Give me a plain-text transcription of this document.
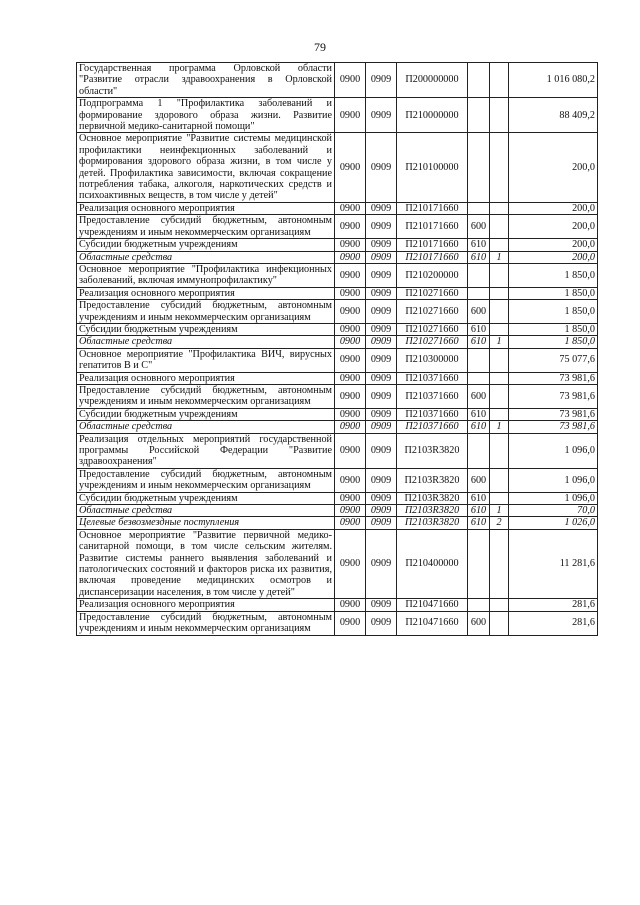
79
Государственная программа Орловской области "Развитие отрасли здравоохранения в Орловской области"	0900	0909	П200000000			1 016 080,2
Подпрограмма 1 "Профилактика заболеваний и формирование здорового образа жизни. Развитие первичной медико-санитарной помощи"	0900	0909	П210000000			88 409,2
Основное мероприятие "Развитие системы медицинской профилактики неинфекционных заболеваний и формирования здорового образа жизни, в том числе у детей. Профилактика зависимости, включая сокращение потребления табака, алкоголя, наркотических средств и психоактивных веществ, в том числе у детей"	0900	0909	П210100000			200,0
Реализация основного мероприятия	0900	0909	П210171660			200,0
Предоставление субсидий бюджетным, автономным учреждениям и иным некоммерческим организациям	0900	0909	П210171660	600		200,0
Субсидии бюджетным учреждениям	0900	0909	П210171660	610		200,0
Областные средства	0900	0909	П210171660	610	1	200,0
Основное мероприятие "Профилактика инфекционных заболеваний, включая иммунопрофилактику"	0900	0909	П210200000			1 850,0
Реализация основного мероприятия	0900	0909	П210271660			1 850,0
Предоставление субсидий бюджетным, автономным учреждениям и иным некоммерческим организациям	0900	0909	П210271660	600		1 850,0
Субсидии бюджетным учреждениям	0900	0909	П210271660	610		1 850,0
Областные средства	0900	0909	П210271660	610	1	1 850,0
Основное мероприятие "Профилактика ВИЧ, вирусных гепатитов В и С"	0900	0909	П210300000			75 077,6
Реализация основного мероприятия	0900	0909	П210371660			73 981,6
Предоставление субсидий бюджетным, автономным учреждениям и иным некоммерческим организациям	0900	0909	П210371660	600		73 981,6
Субсидии бюджетным учреждениям	0900	0909	П210371660	610		73 981,6
Областные средства	0900	0909	П210371660	610	1	73 981,6
Реализация отдельных мероприятий государственной программы Российской Федерации "Развитие здравоохранения"	0900	0909	П2103R3820			1 096,0
Предоставление субсидий бюджетным, автономным учреждениям и иным некоммерческим организациям	0900	0909	П2103R3820	600		1 096,0
Субсидии бюджетным учреждениям	0900	0909	П2103R3820	610		1 096,0
Областные средства	0900	0909	П2103R3820	610	1	70,0
Целевые безвозмездные поступления	0900	0909	П2103R3820	610	2	1 026,0
Основное мероприятие "Развитие первичной медико-санитарной помощи, в том числе сельским жителям. Развитие системы раннего выявления заболеваний и патологических состояний и факторов риска их развития, включая проведение медицинских осмотров и диспансеризации населения, в том числе у детей"	0900	0909	П210400000			11 281,6
Реализация основного мероприятия	0900	0909	П210471660			281,6
Предоставление субсидий бюджетным, автономным учреждениям и иным некоммерческим организациям	0900	0909	П210471660	600		281,6
